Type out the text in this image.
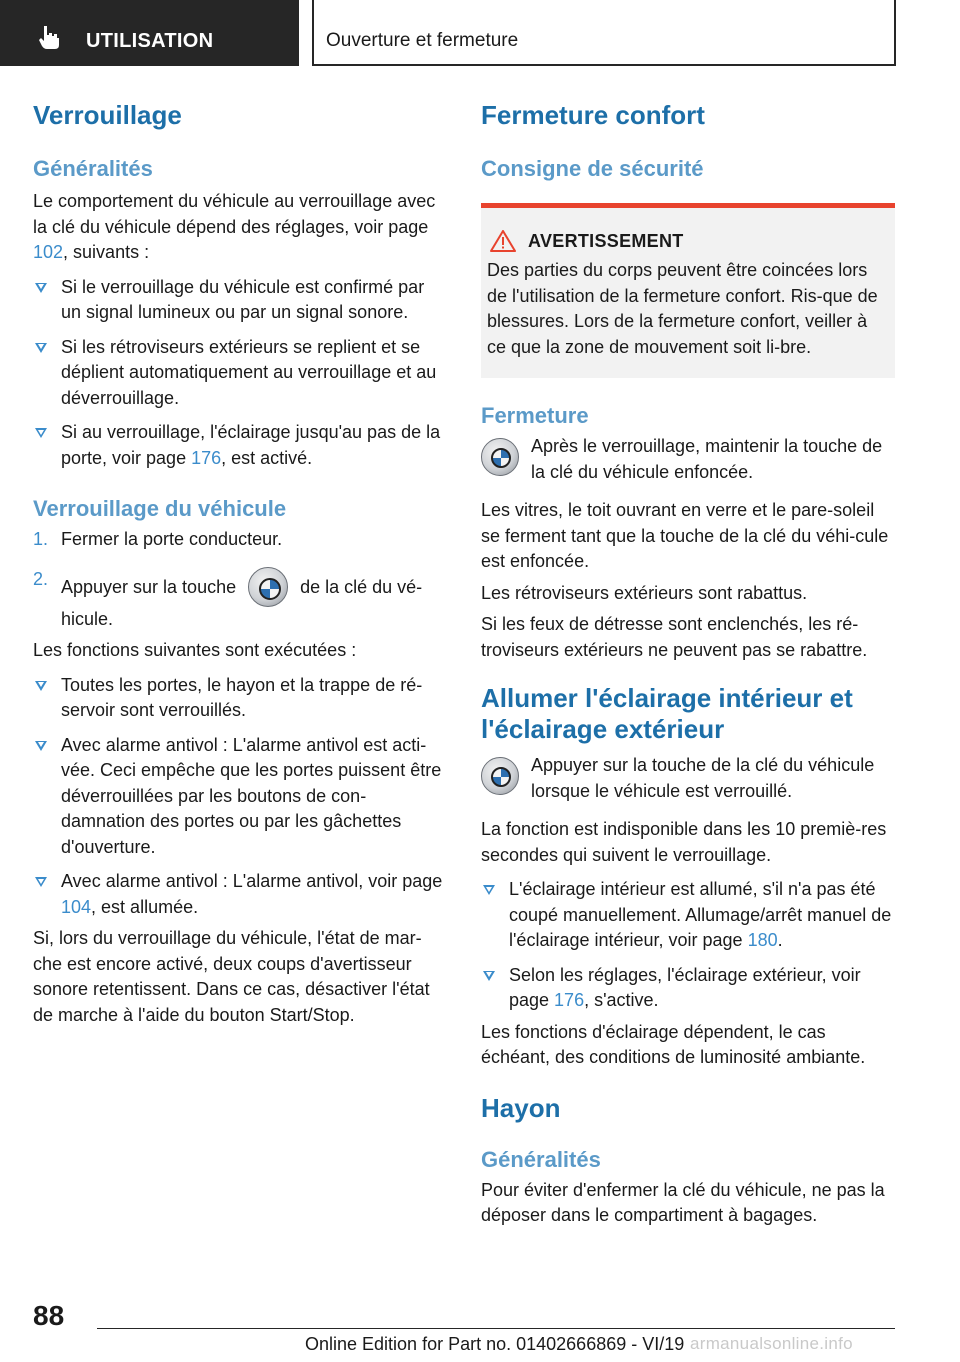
UTILISATION	Ouverture et fermeture
Verrouillage
Généralités
Le comportement du véhicule au verrouillage avec la clé du véhicule dépend des réglages, voir page 102, suivants :
Si le verrouillage du véhicule est confirmé par un signal lumineux ou par un signal sonore.
Si les rétroviseurs extérieurs se replient et se déplient automatiquement au verrouillage et au déverrouillage.
Si au verrouillage, l'éclairage jusqu'au pas de la porte, voir page 176, est activé.
Verrouillage du véhicule
1. Fermer la porte conducteur.
2. Appuyer sur la touche	de la clé du vé-hicule.
Les fonctions suivantes sont exécutées :
Toutes les portes, le hayon et la trappe de ré-servoir sont verrouillés.
Avec alarme antivol : L'alarme antivol est acti-vée. Ceci empêche que les portes puissent être déverrouillées par les boutons de con-damnation des portes ou par les gâchettes d'ouverture.
Avec alarme antivol : L'alarme antivol, voir page 104, est allumée.
Si, lors du verrouillage du véhicule, l'état de mar-che est encore activé, deux coups d'avertisseur sonore retentissent. Dans ce cas, désactiver l'état de marche à l'aide du bouton Start/Stop.
Fermeture confort
Consigne de sécurité
AVERTISSEMENT
Des parties du corps peuvent être coincées lors de l'utilisation de la fermeture confort. Ris-que de blessures. Lors de la fermeture confort, veiller à ce que la zone de mouvement soit li-bre.
Fermeture
Après le verrouillage, maintenir la touche de la clé du véhicule enfoncée.
Les vitres, le toit ouvrant en verre et le pare-soleil se ferment tant que la touche de la clé du véhi-cule est enfoncée.
Les rétroviseurs extérieurs sont rabattus.
Si les feux de détresse sont enclenchés, les ré-troviseurs extérieurs ne peuvent pas se rabattre.
Allumer l'éclairage intérieur et l'éclairage extérieur
Appuyer sur la touche de la clé du véhicule lorsque le véhicule est verrouillé.
La fonction est indisponible dans les 10 premiè-res secondes qui suivent le verrouillage.
L'éclairage intérieur est allumé, s'il n'a pas été coupé manuellement. Allumage/arrêt manuel de l'éclairage intérieur, voir page 180.
Selon les réglages, l'éclairage extérieur, voir page 176, s'active.
Les fonctions d'éclairage dépendent, le cas échéant, des conditions de luminosité ambiante.
Hayon
Généralités
Pour éviter d'enfermer la clé du véhicule, ne pas la déposer dans le compartiment à bagages.
88
Online Edition for Part no. 01402666869 - VI/19 armanualsonline.info
